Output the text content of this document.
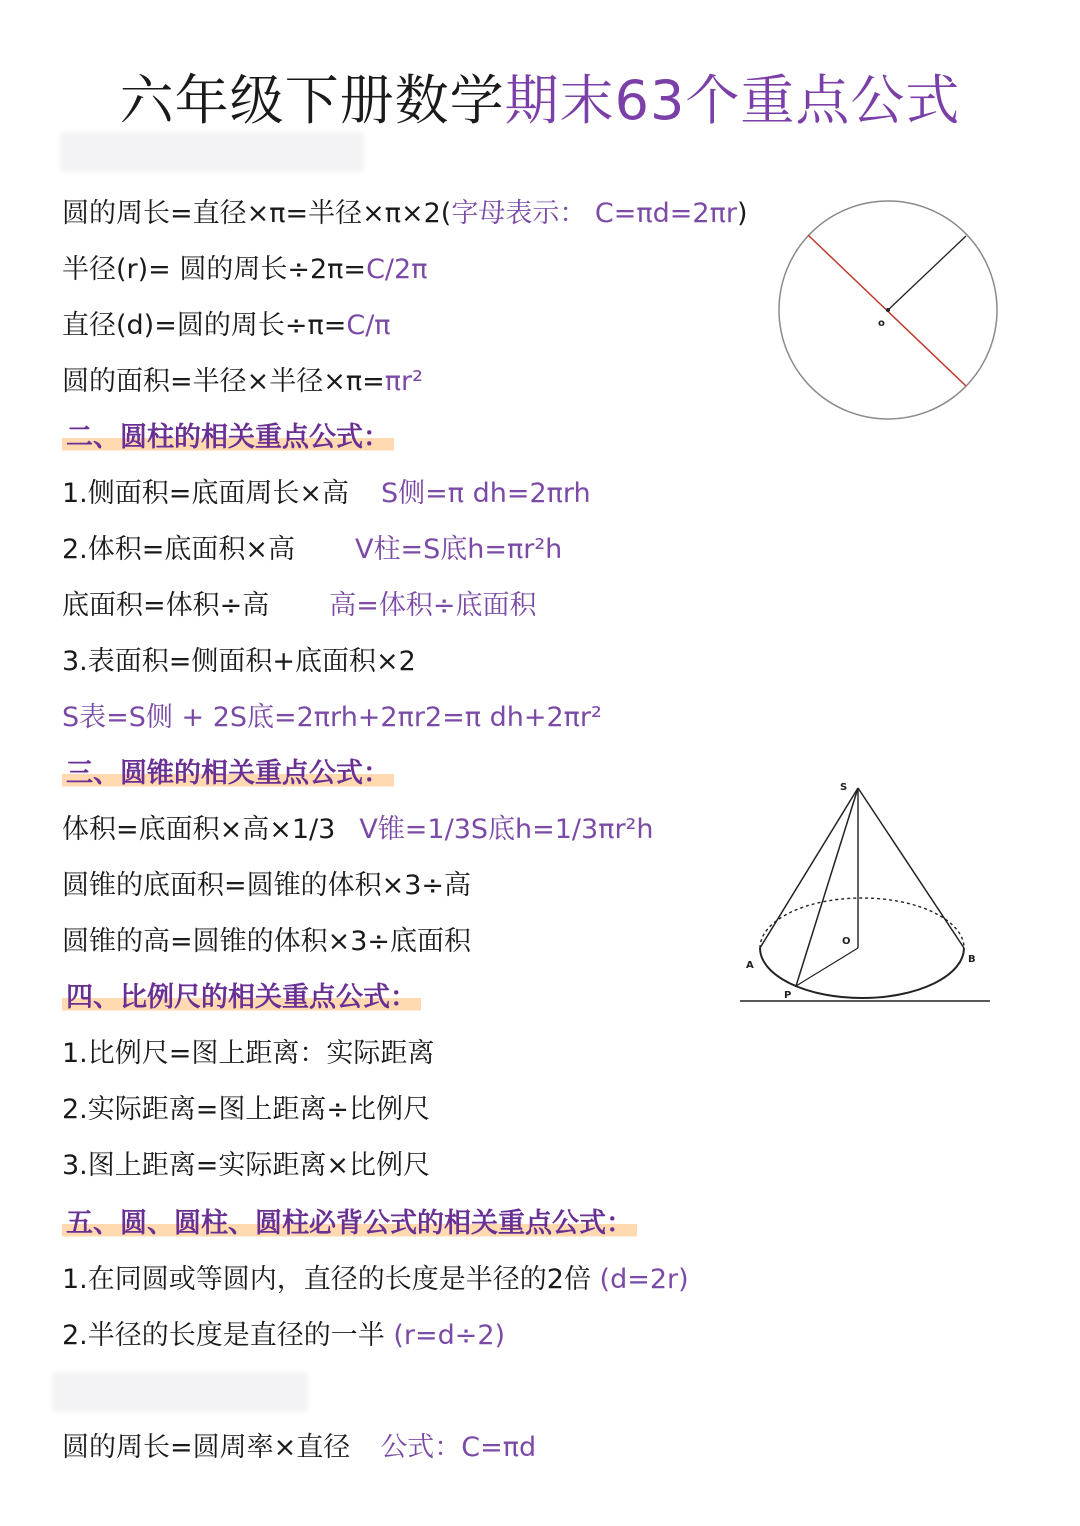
六年级下册数学期末63个重点公式
圆的周长=直径×π=半径×π×2(字母表示： C=πd=2πr)
半径(r)= 圆的周长÷2π=C/2π
直径(d)=圆的周长÷π=C/π
圆的面积=半径×半径×π=πr²
二、圆柱的相关重点公式：
1.侧面积=底面周长×高 S侧=π dh=2πrh
2.体积=底面积×高 V柱=S底h=πr²h
底面积=体积÷高 高=体积÷底面积
3.表面积=侧面积+底面积×2
S表=S侧 + 2S底=2πrh+2πr2=π dh+2πr²
三、圆锥的相关重点公式：
体积=底面积×高×1/3 V锥=1/3S底h=1/3πr²h
圆锥的底面积=圆锥的体积×3÷高
圆锥的高=圆锥的体积×3÷底面积
四、比例尺的相关重点公式：
1.比例尺=图上距离：实际距离
2.实际距离=图上距离÷比例尺
3.图上距离=实际距离×比例尺
五、圆、圆柱、圆柱必背公式的相关重点公式：
1.在同圆或等圆内，直径的长度是半径的2倍 (d=2r)
2.半径的长度是直径的一半 (r=d÷2)
圆的周长=圆周率×直径 公式：C=πd
o
S
A
B
O
P
